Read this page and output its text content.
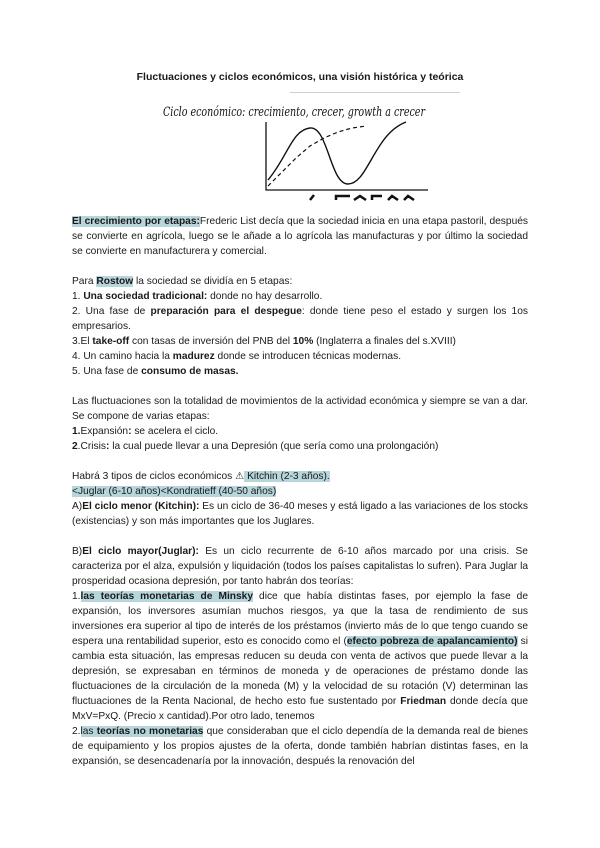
Fluctuaciones y ciclos económicos, una visión histórica y teórica
Ciclo económico: crecimiento, crecer, growth a crecer

El crecimiento por etapas:Frederic List decía que la sociedad inicia en una etapa pastoril, después se convierte en agrícola, luego se le añade a lo agrícola las manufacturas y por último la sociedad se convierte en manufacturera y comercial.

Para Rostow la sociedad se dividía en 5 etapas:

1. Una sociedad tradicional: donde no hay desarrollo.

2. Una fase de preparación para el despegue: donde tiene peso el estado y surgen los 1os empresarios.

3.El take-off con tasas de inversión del PNB del 10% (Inglaterra a finales del s.XVIII)

4. Un camino hacia la madurez donde se introducen técnicas modernas.

5. Una fase de consumo de masas.

Las fluctuaciones son la totalidad de movimientos de la actividad económica y siempre se van a dar. Se compone de varias etapas:

1.Expansión: se acelera el ciclo.

2.Crisis: la cual puede llevar a una Depresión (que sería como una prolongación)

Habrá 3 tipos de ciclos económicos ⚠ Kitchin (2-3 años).

<Juglar (6-10 años)<Kondratieff (40-50 años)

A)El ciclo menor (Kitchin): Es un ciclo de 36-40 meses y está ligado a las variaciones de los stocks (existencias) y son más importantes que los Juglares.

B)El ciclo mayor(Juglar): Es un ciclo recurrente de 6-10 años marcado por una crisis. Se caracteriza por el alza, expulsión y liquidación (todos los países capitalistas lo sufren). Para Juglar la prosperidad ocasiona depresión, por tanto habrán dos teorías:

1.las teorías monetarias de Minsky dice que había distintas fases, por ejemplo la fase de expansión, los inversores asumían muchos riesgos, ya que la tasa de rendimiento de sus inversiones era superior al tipo de interés de los préstamos (invierto más de lo que tengo cuando se espera una rentabilidad superior, esto es conocido como el (efecto pobreza de apalancamiento) si cambia esta situación, las empresas reducen su deuda con venta de activos que puede llevar a la depresión, se expresaban en términos de moneda y de operaciones de préstamo donde las fluctuaciones de la circulación de la moneda (M) y la velocidad de su rotación (V) determinan las fluctuaciones de la Renta Nacional, de hecho esto fue sustentado por Friedman donde decía que MxV=PxQ. (Precio x cantidad).Por otro lado, tenemos

2.las teorías no monetarias que consideraban que el ciclo dependía de la demanda real de bienes de equipamiento y los propios ajustes de la oferta, donde también habrían distintas fases, en la expansión, se desencadenaría por la innovación, después la renovación del
